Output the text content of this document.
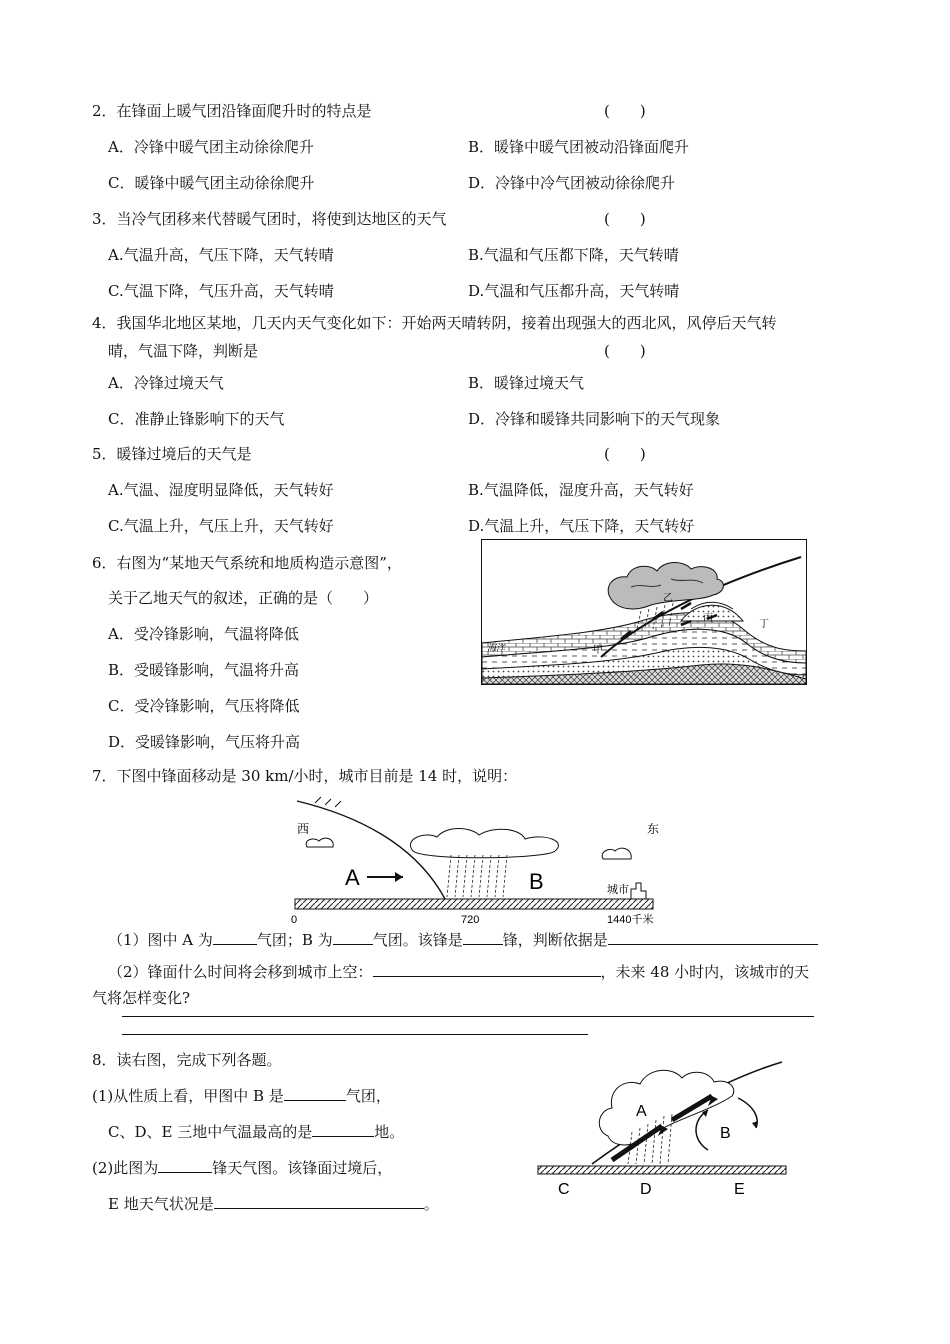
2．在锋面上暖气团沿锋面爬升时的特点是	(　　)
A．冷锋中暖气团主动徐徐爬升	B．暖锋中暖气团被动沿锋面爬升
C．暖锋中暖气团主动徐徐爬升	D．冷锋中冷气团被动徐徐爬升
3．当冷气团移来代替暖气团时，将使到达地区的天气	(　　)
A.气温升高，气压下降，天气转晴	B.气温和气压都下降，天气转晴
C.气温下降，气压升高，天气转晴	D.气温和气压都升高，天气转晴
4．我国华北地区某地，几天内天气变化如下：开始两天晴转阴，接着出现强大的西北风，风停后天气转
晴，气温下降，判断是	(　　)
A．冷锋过境天气	B．暖锋过境天气
C．准静止锋影响下的天气	D．冷锋和暖锋共同影响下的天气现象
5．暖锋过境后的天气是	(　　)
A.气温、湿度明显降低，天气转好	B.气温降低，湿度升高，天气转好
C.气温上升，气压上升，天气转好	D.气温上升，气压下降，天气转好
6．右图为“某地天气系统和地质构造示意图”，
关于乙地天气的叙述，正确的是（　　）
A．受冷锋影响，气温将降低
B．受暖锋影响，气温将升高
C．受冷锋影响，气压将降低
D．受暖锋影响，气压将升高
甲
乙
丙
丁
海洋
7．下图中锋面移动是 30 km/小时，城市目前是 14 时，说明：
西	东
A	B	城市
0	720	1440千米
（1）图中 A 为	气团；B 为	气团。该锋是	锋，判断依据是
（2）锋面什么时间将会移到城市上空：	，未来 48 小时内，该城市的天
气将怎样变化?
8．读右图，完成下列各题。
(1)从性质上看，甲图中 B 是	气团，
C、D、E 三地中气温最高的是	地。
(2)此图为	锋天气图。该锋面过境后，
E 地天气状况是	。
A
B
C	D	E
